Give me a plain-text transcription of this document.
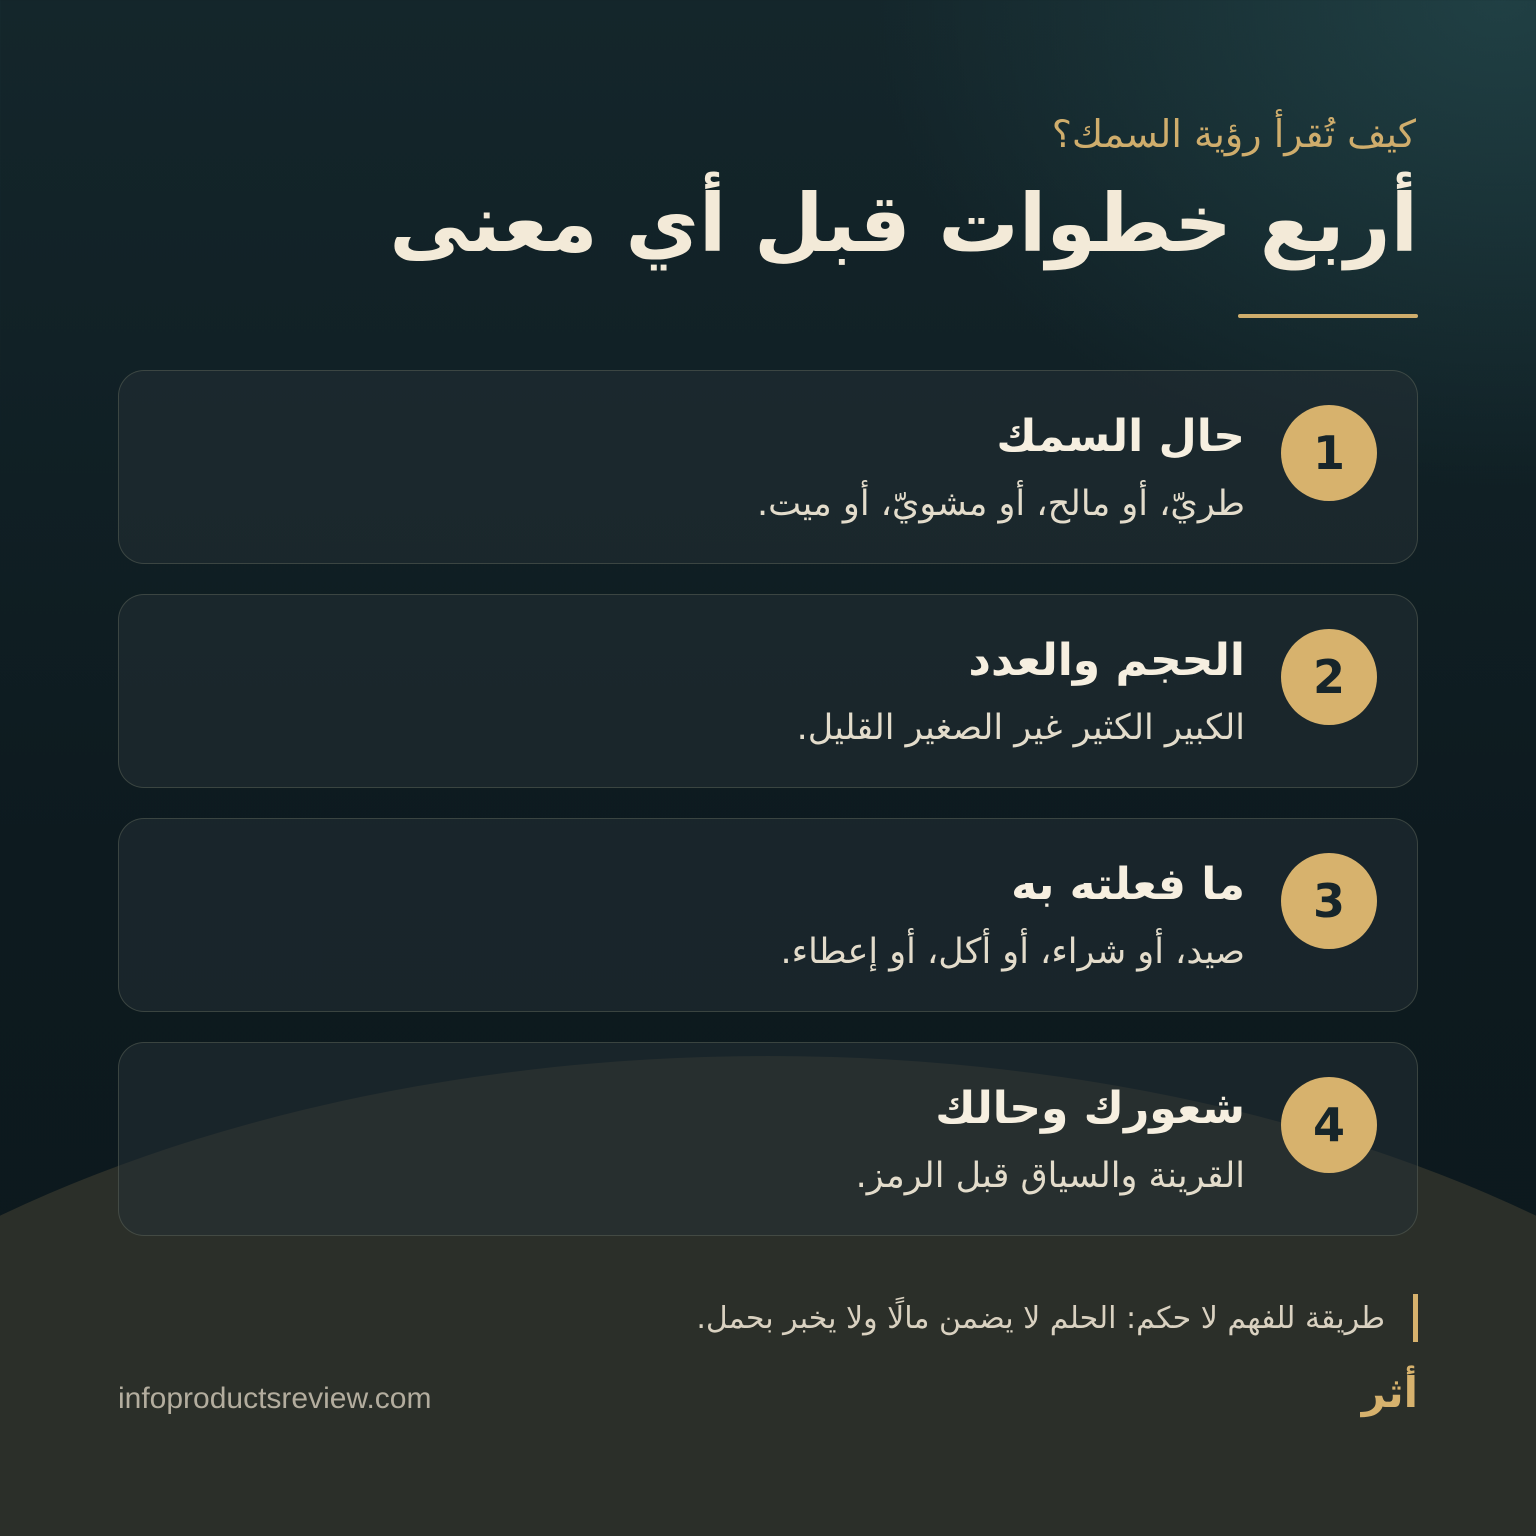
كيف تُقرأ رؤية السمك؟
أربع خطوات قبل أي معنى
1
حال السمك
طريّ، أو مالح، أو مشويّ، أو ميت.
2
الحجم والعدد
الكبير الكثير غير الصغير القليل.
3
ما فعلته به
صيد، أو شراء، أو أكل، أو إعطاء.
4
شعورك وحالك
القرينة والسياق قبل الرمز.
طريقة للفهم لا حكم: الحلم لا يضمن مالًا ولا يخبر بحمل.
infoproductsreview.com	أثر
